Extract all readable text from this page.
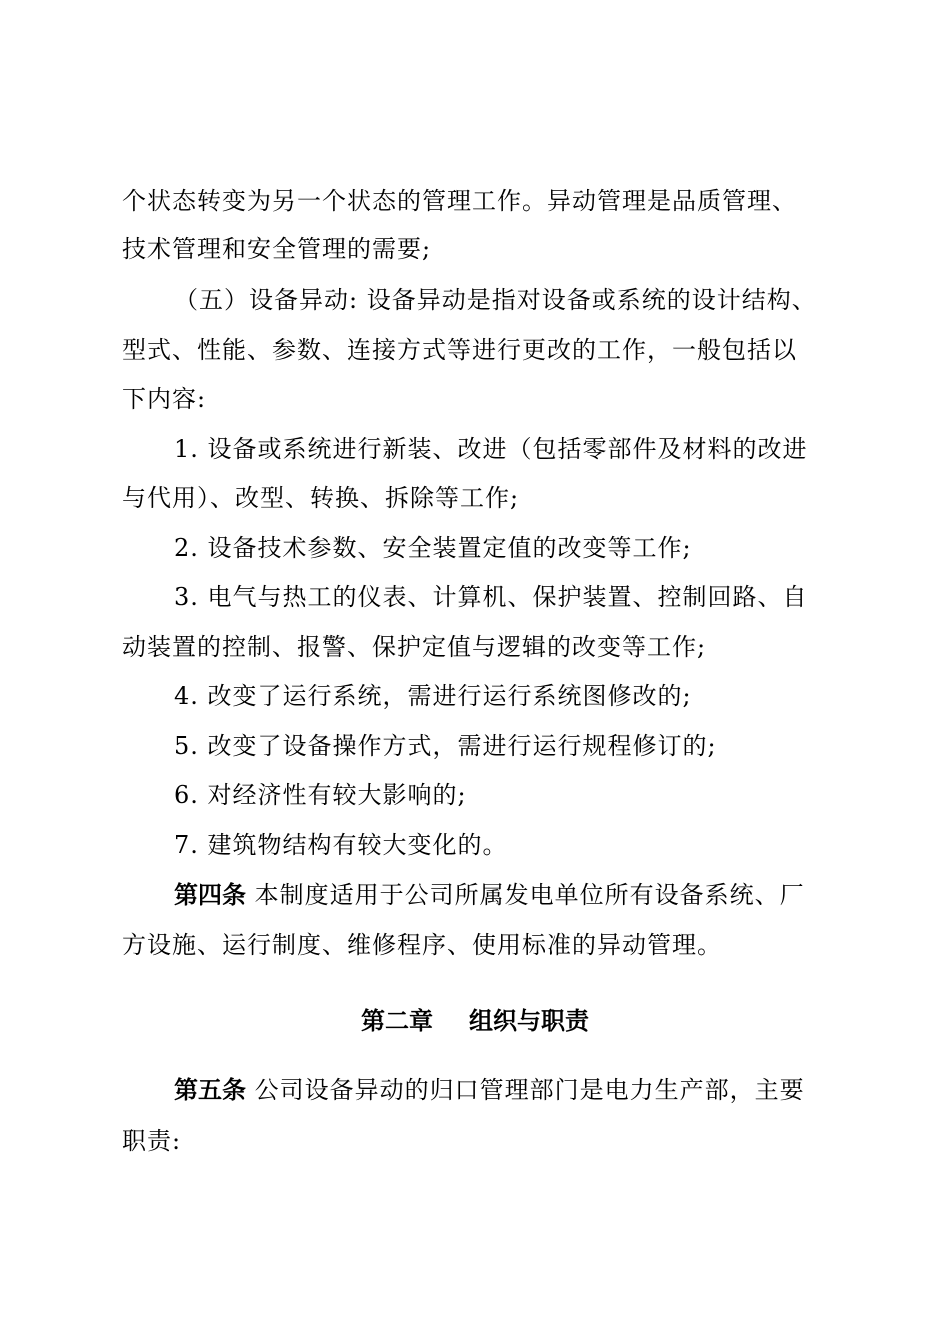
个状态转变为另一个状态的管理工作。异动管理是品质管理、
技术管理和安全管理的需要;
（五）设备异动: 设备异动是指对设备或系统的设计结构、
型式、性能、参数、连接方式等进行更改的工作，一般包括以
下内容:
1. 设备或系统进行新装、改进（包括零部件及材料的改进
与代用）、改型、转换、拆除等工作;
2. 设备技术参数、安全装置定值的改变等工作;
3. 电气与热工的仪表、计算机、保护装置、控制回路、自
动装置的控制、报警、保护定值与逻辑的改变等工作;
4. 改变了运行系统，需进行运行系统图修改的;
5. 改变了设备操作方式，需进行运行规程修订的;
6. 对经济性有较大影响的;
7. 建筑物结构有较大变化的。
第四条 本制度适用于公司所属发电单位所有设备系统、厂
方设施、运行制度、维修程序、使用标准的异动管理。
第二章 组织与职责
第五条 公司设备异动的归口管理部门是电力生产部，主要
职责:
